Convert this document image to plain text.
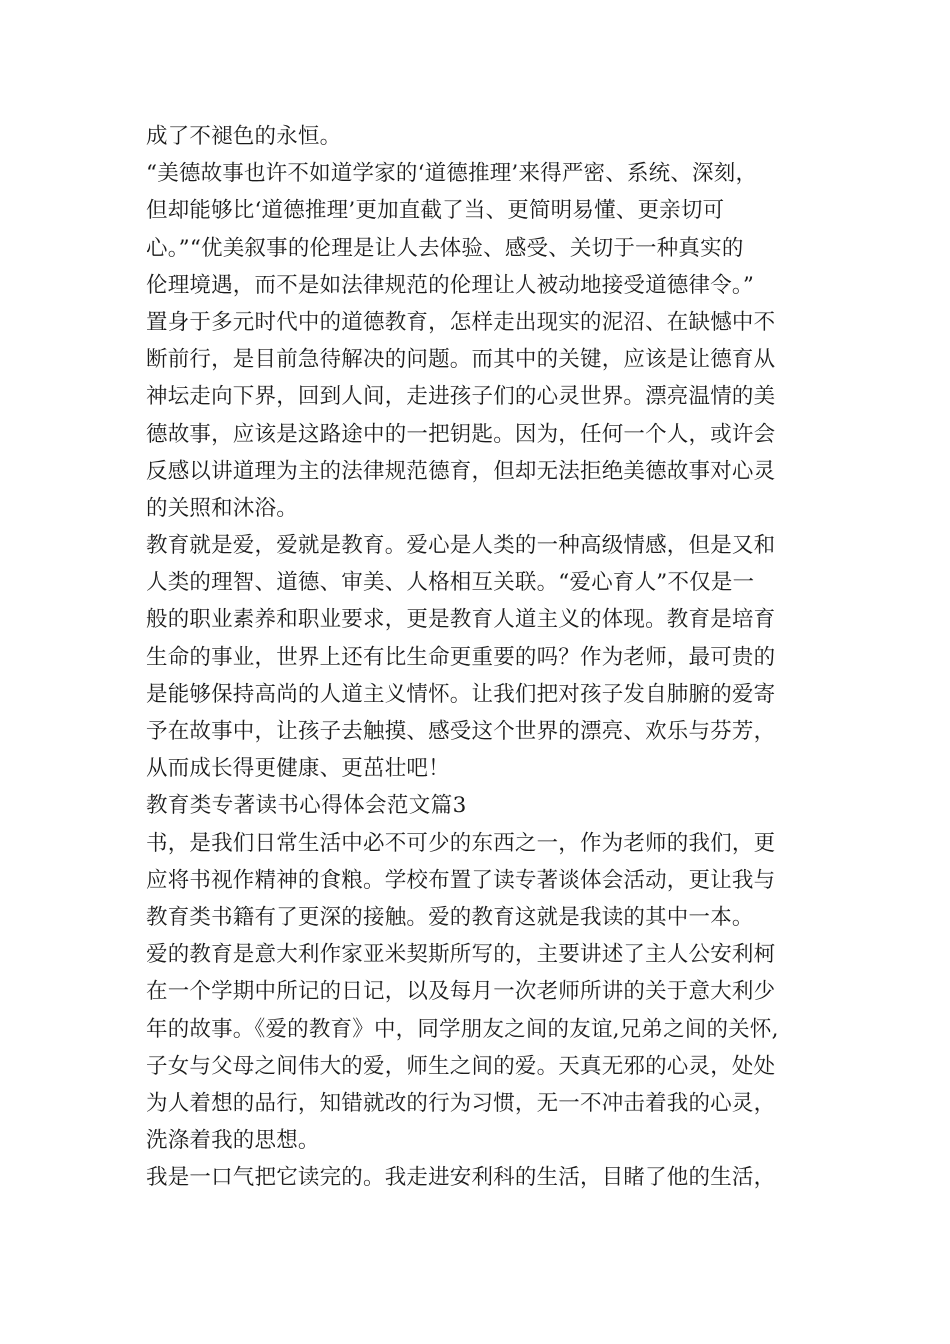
成了不褪色的永恒。
“美德故事也许不如道学家的‘道德推理’来得严密、系统、深刻，
但却能够比‘道德推理’更加直截了当、更简明易懂、更亲切可
心。”“优美叙事的伦理是让人去体验、感受、关切于一种真实的
伦理境遇，而不是如法律规范的伦理让人被动地接受道德律令。”
置身于多元时代中的道德教育，怎样走出现实的泥沼、在缺憾中不
断前行，是目前急待解决的问题。而其中的关键，应该是让德育从
神坛走向下界，回到人间，走进孩子们的心灵世界。漂亮温情的美
德故事，应该是这路途中的一把钥匙。因为，任何一个人，或许会
反感以讲道理为主的法律规范德育，但却无法拒绝美德故事对心灵
的关照和沐浴。
教育就是爱，爱就是教育。爱心是人类的一种高级情感，但是又和
人类的理智、道德、审美、人格相互关联。“爱心育人”不仅是一
般的职业素养和职业要求，更是教育人道主义的体现。教育是培育
生命的事业，世界上还有比生命更重要的吗？作为老师，最可贵的
是能够保持高尚的人道主义情怀。让我们把对孩子发自肺腑的爱寄
予在故事中，让孩子去触摸、感受这个世界的漂亮、欢乐与芬芳，
从而成长得更健康、更茁壮吧！
教育类专著读书心得体会范文篇3
书，是我们日常生活中必不可少的东西之一，作为老师的我们，更
应将书视作精神的食粮。学校布置了读专著谈体会活动，更让我与
教育类书籍有了更深的接触。爱的教育这就是我读的其中一本。
爱的教育是意大利作家亚米契斯所写的，主要讲述了主人公安利柯
在一个学期中所记的日记，以及每月一次老师所讲的关于意大利少
年的故事。《爱的教育》中，同学朋友之间的友谊,兄弟之间的关怀,
子女与父母之间伟大的爱，师生之间的爱。天真无邪的心灵，处处
为人着想的品行，知错就改的行为习惯，无一不冲击着我的心灵，
洗涤着我的思想。
我是一口气把它读完的。我走进安利科的生活，目睹了他的生活，
